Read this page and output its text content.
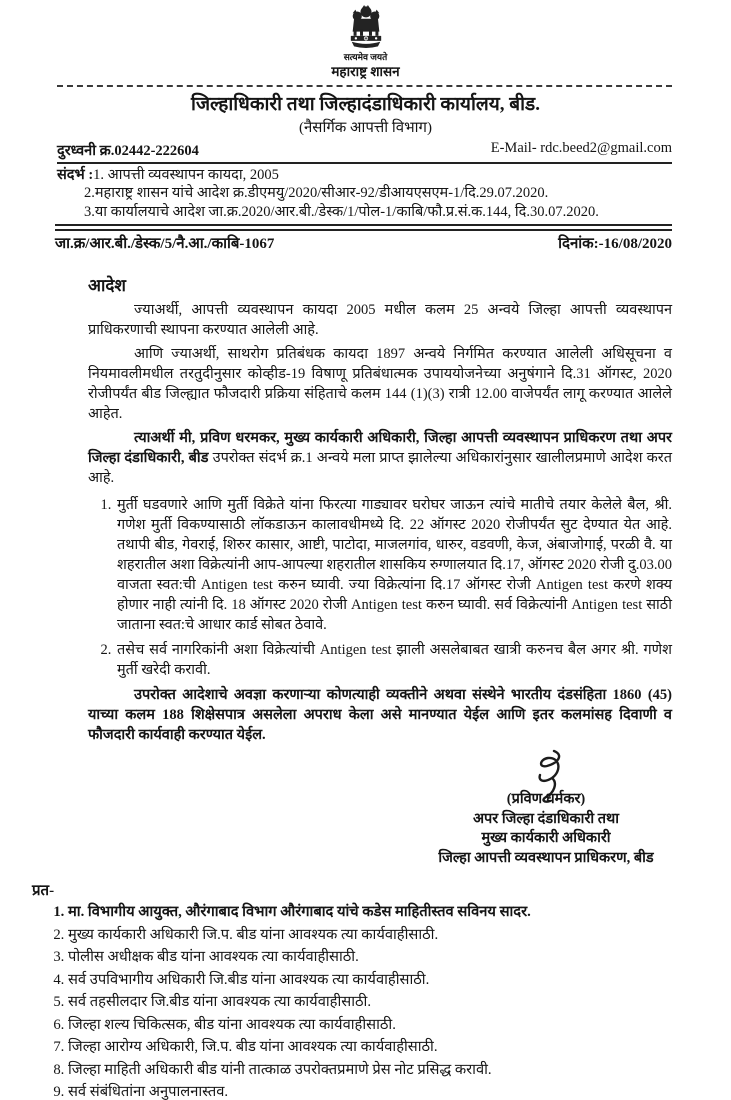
सत्यमेव जयते
महाराष्ट्र शासन
जिल्हाधिकारी तथा जिल्हादंडाधिकारी कार्यालय, बीड.
(नैसर्गिक आपत्ती विभाग)
दुरध्वनी क्र.02442-222604	E-Mail- rdc.beed2@gmail.com
संदर्भ :1. आपत्ती व्यवस्थापन कायदा, 2005
2.महाराष्ट्र शासन यांचे आदेश क्र.डीएमयु/2020/सीआर-92/डीआयएसएम-1/दि.29.07.2020.
3.या कार्यालयाचे आदेश जा.क्र.2020/आर.बी./डेस्क/1/पोल-1/काबि/फौ.प्र.सं.क.144, दि.30.07.2020.
जा.क्र/आर.बी./डेस्क/5/नै.आ./काबि-1067	दिनांक:-16/08/2020
आदेश

ज्याअर्थी, आपत्ती व्यवस्थापन कायदा 2005 मधील कलम 25 अन्वये जिल्हा आपत्ती व्यवस्थापन प्राधिकरणाची स्थापना करण्यात आलेली आहे.

आणि ज्याअर्थी, साथरोग प्रतिबंधक कायदा 1897 अन्वये निर्गमित करण्यात आलेली अधिसूचना व नियमावलीमधील तरतुदीनुसार कोव्हीड-19 विषाणू प्रतिबंधात्मक उपाययोजनेच्या अनुषंगाने दि.31 ऑगस्ट, 2020 रोजीपर्यंत बीड जिल्ह्यात फौजदारी प्रक्रिया संहिताचे कलम 144 (1)(3) रात्री 12.00 वाजेपर्यंत लागू करण्यात आलेले आहेत.

त्याअर्थी मी, प्रविण धरमकर, मुख्य कार्यकारी अधिकारी, जिल्हा आपत्ती व्यवस्थापन प्राधिकरण तथा अपर जिल्हा दंडाधिकारी, बीड उपरोक्त संदर्भ क्र.1 अन्वये मला प्राप्त झालेल्या अधिकारांनुसार खालीलप्रमाणे आदेश करत आहे.

1. मुर्ती घडवणारे आणि मुर्ती विक्रेते यांना फिरत्या गाड्यावर घरोघर जाऊन त्यांचे मातीचे तयार केलेले बैल, श्री. गणेश मुर्ती विकण्यासाठी लॉकडाऊन कालावधीमध्ये दि. 22 ऑगस्ट 2020 रोजीपर्यंत सुट देण्यात येत आहे. तथापी बीड, गेवराई, शिरुर कासार, आष्टी, पाटोदा, माजलगांव, धारुर, वडवणी, केज, अंबाजोगाई, परळी वै. या शहरातील अशा विक्रेत्यांनी आप-आपल्या शहरातील शासकिय रुग्णालयात दि.17, ऑगस्ट 2020 रोजी दु.03.00 वाजता स्वत:ची Antigen test करुन घ्यावी. ज्या विक्रेत्यांना दि.17 ऑगस्ट रोजी Antigen test करणे शक्य होणार नाही त्यांनी दि. 18 ऑगस्ट 2020 रोजी Antigen test करुन घ्यावी. सर्व विक्रेत्यांनी Antigen test साठी जाताना स्वत:चे आधार कार्ड सोबत ठेवावे.
2. तसेच सर्व नागरिकांनी अशा विक्रेत्यांची Antigen test झाली असलेबाबत खात्री करुनच बैल अगर श्री. गणेश मुर्ती खरेदी करावी.

उपरोक्त आदेशाचे अवज्ञा करणाऱ्या कोणत्याही व्यक्तीने अथवा संस्थेने भारतीय दंडसंहिता 1860 (45) याच्या कलम 188 शिक्षेसपात्र असलेला अपराध केला असे मानण्यात येईल आणि इतर कलमांसह दिवाणी व फौजदारी कार्यवाही करण्यात येईल.

(प्रविण धर्मकर)
अपर जिल्हा दंडाधिकारी तथा
मुख्य कार्यकारी अधिकारी
जिल्हा आपत्ती व्यवस्थापन प्राधिकरण, बीड
प्रत-
1. मा. विभागीय आयुक्त, औरंगाबाद विभाग औरंगाबाद यांचे कडेस माहितीस्तव सविनय सादर.
2. मुख्य कार्यकारी अधिकारी जि.प. बीड यांना आवश्यक त्या कार्यवाहीसाठी.
3. पोलीस अधीक्षक बीड यांना आवश्यक त्या कार्यवाहीसाठी.
4. सर्व उपविभागीय अधिकारी जि.बीड यांना आवश्यक त्या कार्यवाहीसाठी.
5. सर्व तहसीलदार जि.बीड यांना आवश्यक त्या कार्यवाहीसाठी.
6. जिल्हा शल्य चिकित्सक, बीड यांना आवश्यक त्या कार्यवाहीसाठी.
7. जिल्हा आरोग्य अधिकारी, जि.प. बीड यांना आवश्यक त्या कार्यवाहीसाठी.
8. जिल्हा माहिती अधिकारी बीड यांनी तात्काळ उपरोक्तप्रमाणे प्रेस नोट प्रसिद्ध करावी.
9. सर्व संबंधितांना अनुपालनास्तव.
